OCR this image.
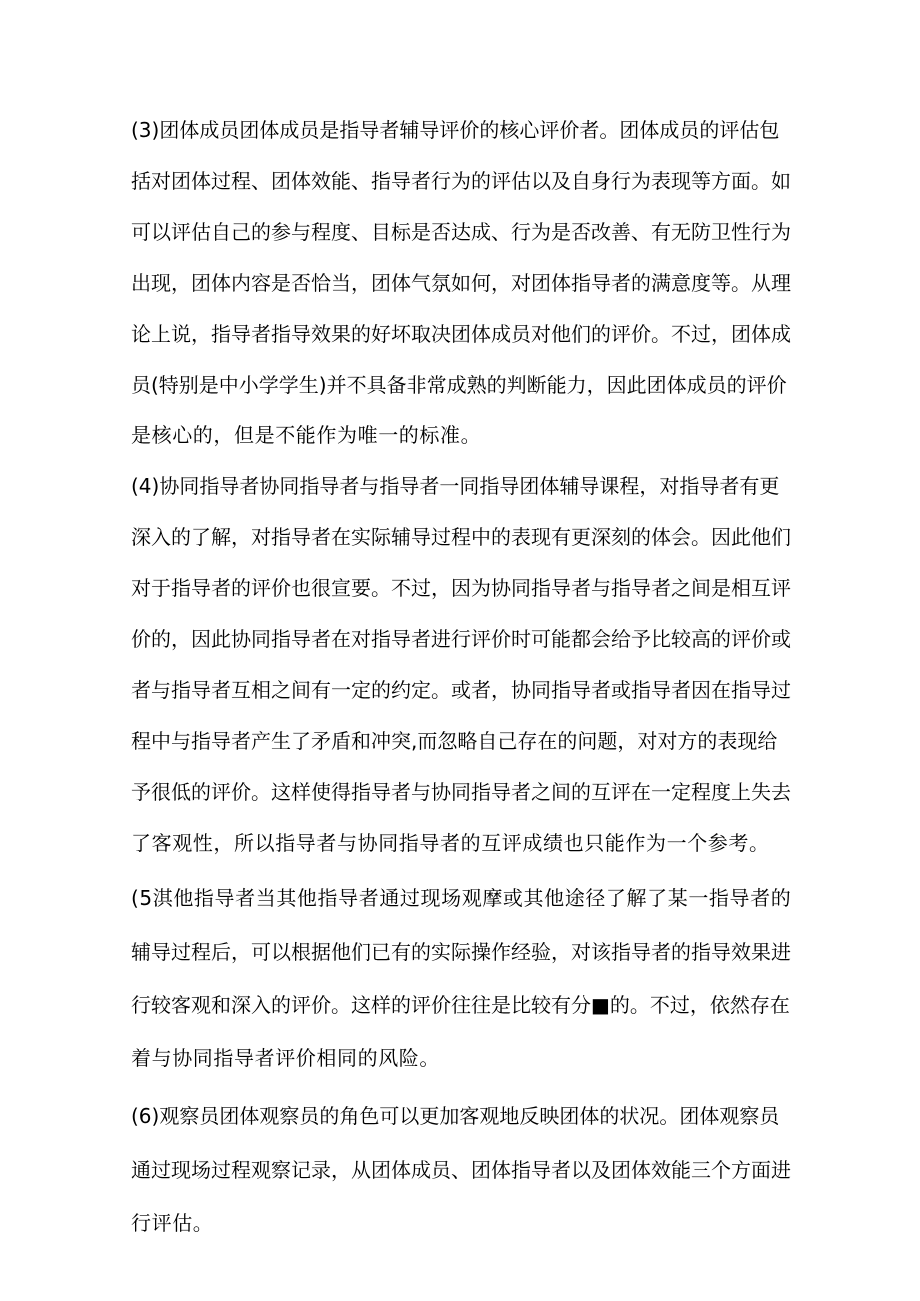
(3)团体成员团体成员是指导者辅导评价的核心评价者。团体成员的评估包
括对团体过程、团体效能、指导者行为的评估以及自身行为表现等方面。如
可以评估自己的参与程度、目标是否达成、行为是否改善、有无防卫性行为
出现，团体内容是否恰当，团体气氛如何，对团体指导者的满意度等。从理
论上说，指导者指导效果的好坏取决团体成员对他们的评价。不过，团体成
员(特别是中小学学生)并不具备非常成熟的判断能力，因此团体成员的评价
是核心的，但是不能作为唯一的标准。
(4)协同指导者协同指导者与指导者一同指导团体辅导课程，对指导者有更
深入的了解，对指导者在实际辅导过程中的表现有更深刻的体会。因此他们
对于指导者的评价也很宣要。不过，因为协同指导者与指导者之间是相互评
价的，因此协同指导者在对指导者进行评价时可能都会给予比较高的评价或
者与指导者互相之间有一定的约定。或者，协同指导者或指导者因在指导过
程中与指导者产生了矛盾和冲突,而忽略自己存在的问题，对对方的表现给
予很低的评价。这样使得指导者与协同指导者之间的互评在一定程度上失去
了客观性，所以指导者与协同指导者的互评成绩也只能作为一个参考。
(5淇他指导者当其他指导者通过现场观摩或其他途径了解了某一指导者的
辅导过程后，可以根据他们已有的实际操作经验，对该指导者的指导效果进
行较客观和深入的评价。这样的评价往往是比较有分■的。不过，依然存在
着与协同指导者评价相同的风险。
(6)观察员团体观察员的角色可以更加客观地反映团体的状况。团体观察员
通过现场过程观察记录，从团体成员、团体指导者以及团体效能三个方面进
行评估。
